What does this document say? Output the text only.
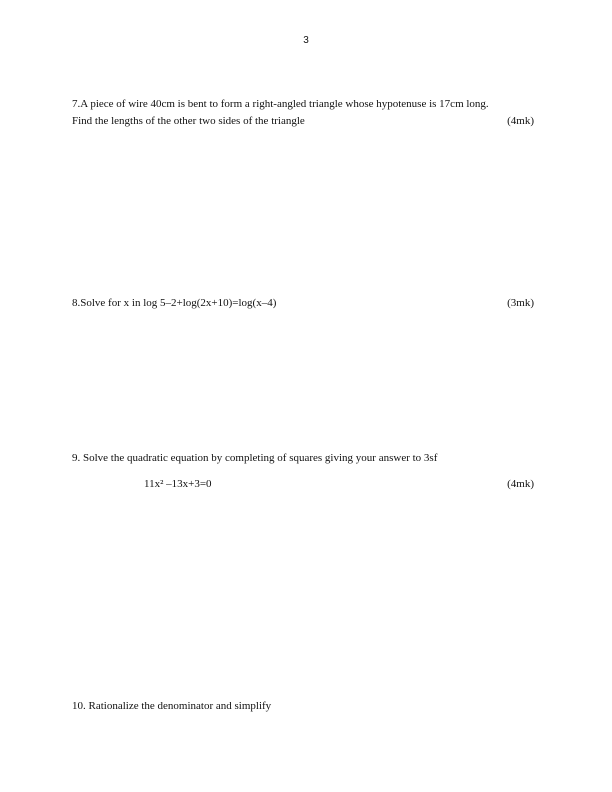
3
7.A piece of wire 40cm is bent to form a right-angled triangle whose hypotenuse is 17cm long.
Find the lengths of the other two sides of the triangle	(4mk)
8.Solve for x in log 5–2+log(2x+10)=log(x–4)	(3mk)
9. Solve the quadratic equation by completing of squares giving your answer to 3sf
11x² –13x+3=0	(4mk)
10. Rationalize the denominator and simplify
